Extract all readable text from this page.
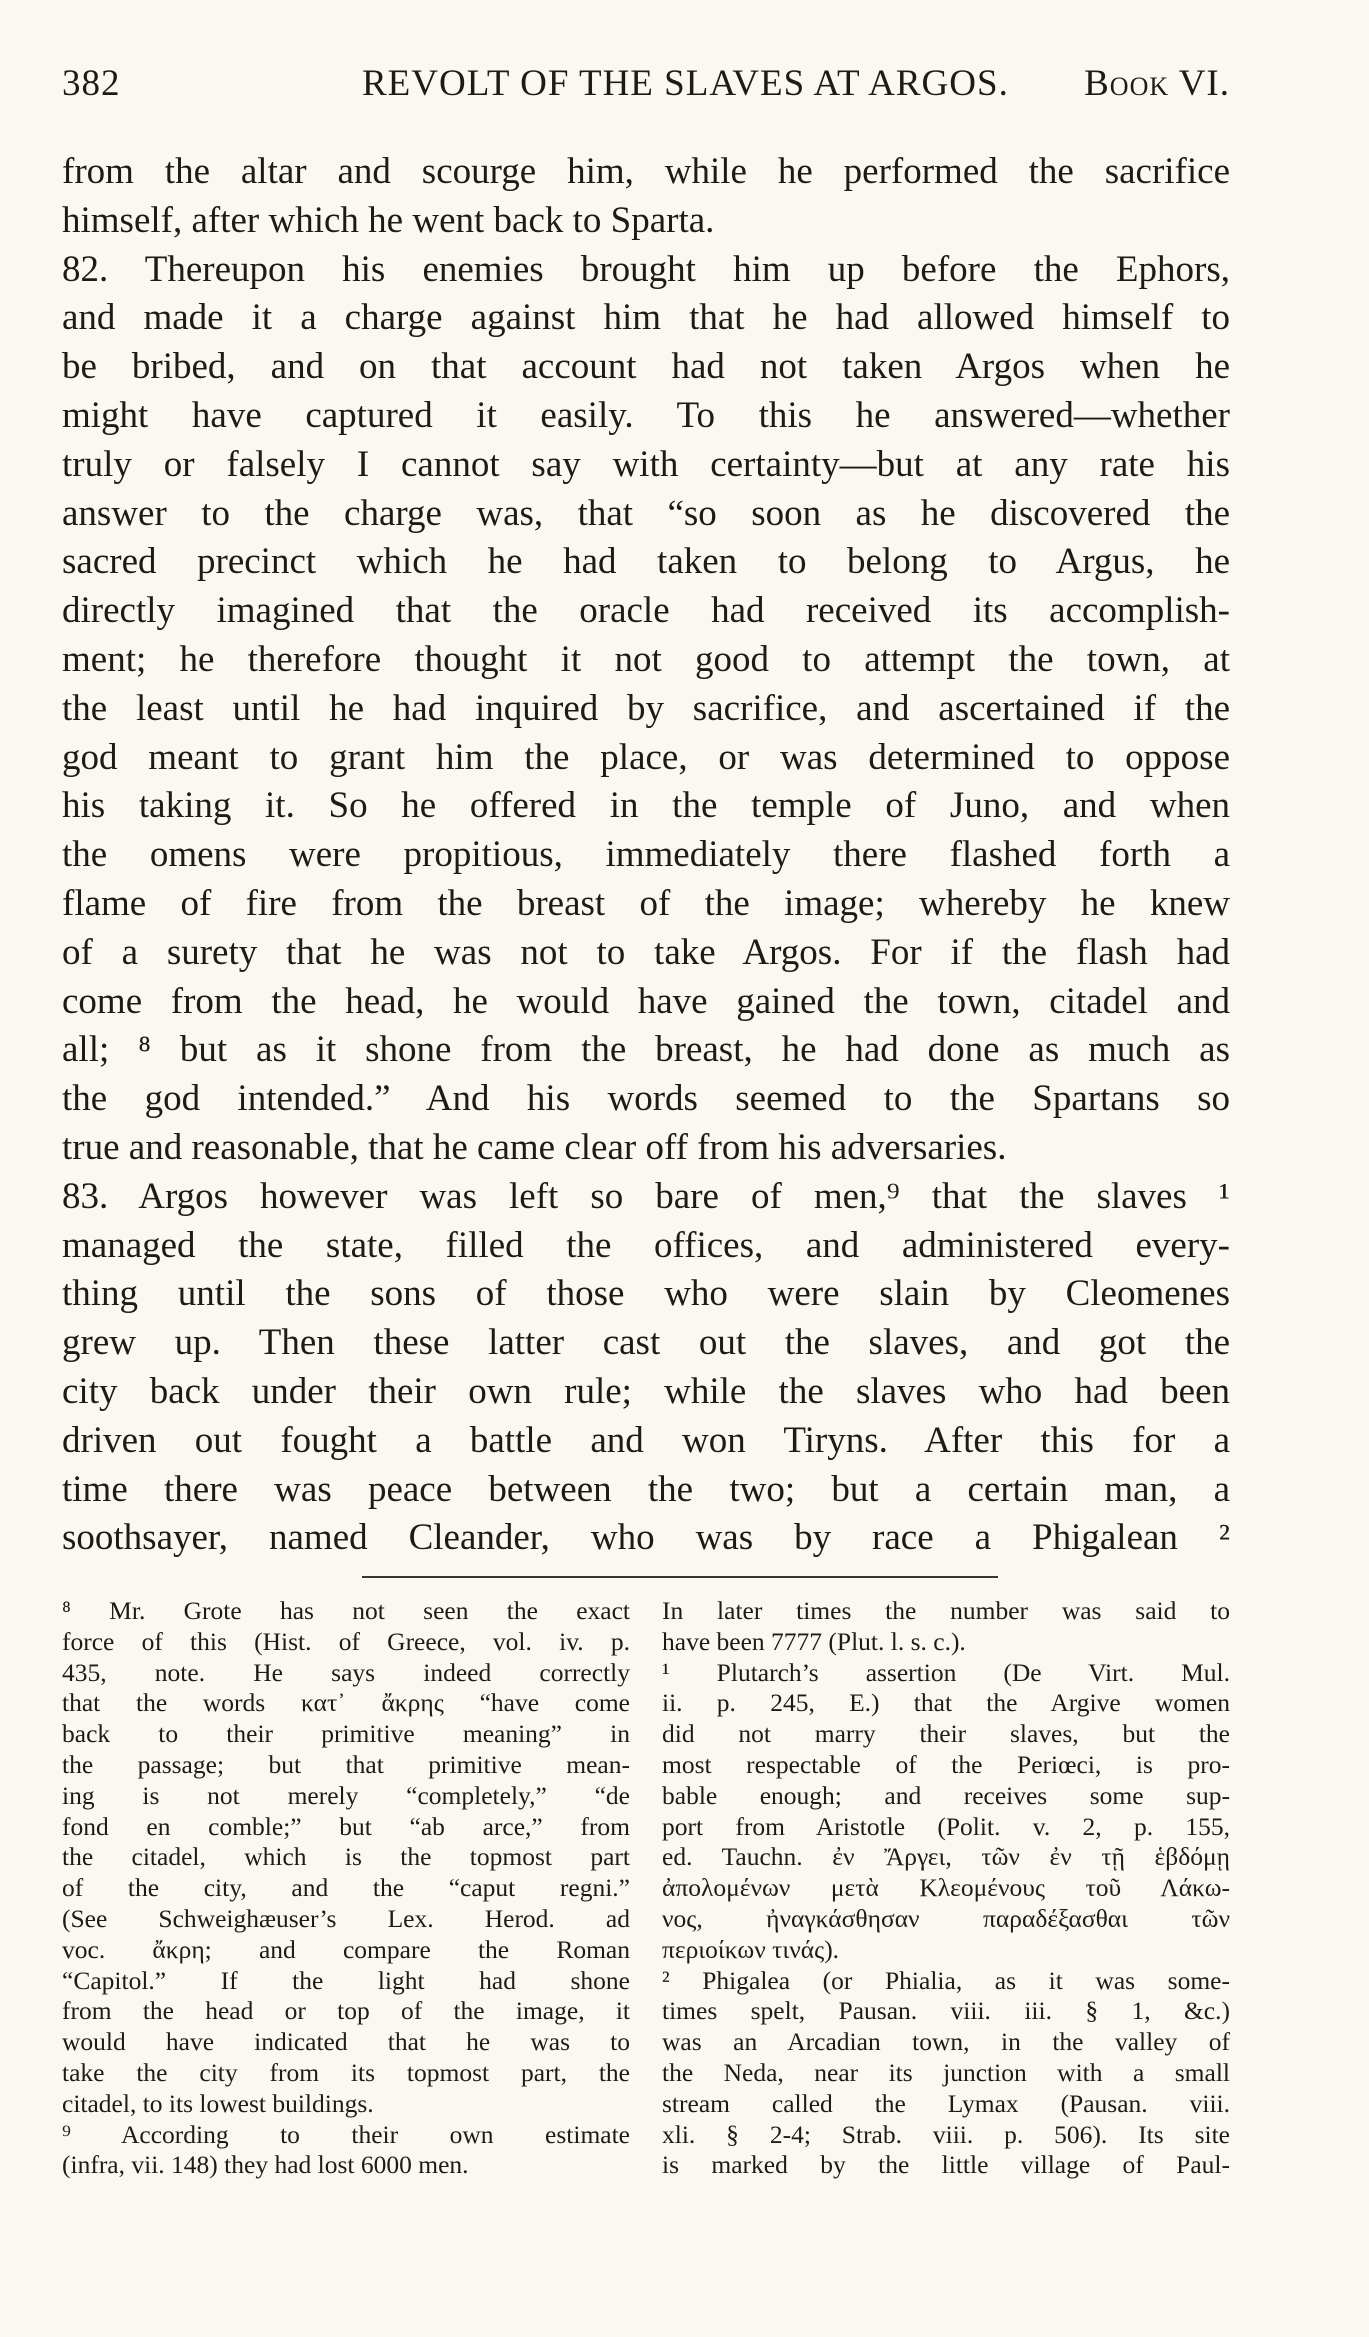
382	REVOLT OF THE SLAVES AT ARGOS. Book VI.
from the altar and scourge him, while he performed the sacrifice
himself, after which he went back to Sparta.
82. Thereupon his enemies brought him up before the Ephors,
and made it a charge against him that he had allowed himself to
be bribed, and on that account had not taken Argos when he
might have captured it easily. To this he answered—whether
truly or falsely I cannot say with certainty—but at any rate his
answer to the charge was, that “so soon as he discovered the
sacred precinct which he had taken to belong to Argus, he
directly imagined that the oracle had received its accomplish-
ment; he therefore thought it not good to attempt the town, at
the least until he had inquired by sacrifice, and ascertained if the
god meant to grant him the place, or was determined to oppose
his taking it. So he offered in the temple of Juno, and when
the omens were propitious, immediately there flashed forth a
flame of fire from the breast of the image; whereby he knew
of a surety that he was not to take Argos. For if the flash had
come from the head, he would have gained the town, citadel and
all; ⁸ but as it shone from the breast, he had done as much as
the god intended.” And his words seemed to the Spartans so
true and reasonable, that he came clear off from his adversaries.
83. Argos however was left so bare of men,⁹ that the slaves ¹
managed the state, filled the offices, and administered every-
thing until the sons of those who were slain by Cleomenes
grew up. Then these latter cast out the slaves, and got the
city back under their own rule; while the slaves who had been
driven out fought a battle and won Tiryns. After this for a
time there was peace between the two; but a certain man, a
soothsayer, named Cleander, who was by race a Phigalean ²
⁸ Mr. Grote has not seen the exact
force of this (Hist. of Greece, vol. iv. p.
435, note. He says indeed correctly
that the words κατ᾽ ἄκρης “have come
back to their primitive meaning” in
the passage; but that primitive mean-
ing is not merely “completely,” “de
fond en comble;” but “ab arce,” from
the citadel, which is the topmost part
of the city, and the “caput regni.”
(See Schweighæuser’s Lex. Herod. ad
voc. ἄκρη; and compare the Roman
“Capitol.” If the light had shone
from the head or top of the image, it
would have indicated that he was to
take the city from its topmost part, the
citadel, to its lowest buildings.
⁹ According to their own estimate
(infra, vii. 148) they had lost 6000 men.
In later times the number was said to
have been 7777 (Plut. l. s. c.).
¹ Plutarch’s assertion (De Virt. Mul.
ii. p. 245, E.) that the Argive women
did not marry their slaves, but the
most respectable of the Periœci, is pro-
bable enough; and receives some sup-
port from Aristotle (Polit. v. 2, p. 155,
ed. Tauchn. ἐν Ἄργει, τῶν ἐν τῇ ἑβδόμῃ
ἀπολομένων μετὰ Κλεομένους τοῦ Λάκω-
νος, ἠναγκάσθησαν παραδέξασθαι τῶν
περιοίκων τινάς).
² Phigalea (or Phialia, as it was some-
times spelt, Pausan. viii. iii. § 1, &c.)
was an Arcadian town, in the valley of
the Neda, near its junction with a small
stream called the Lymax (Pausan. viii.
xli. § 2-4; Strab. viii. p. 506). Its site
is marked by the little village of Paul-
